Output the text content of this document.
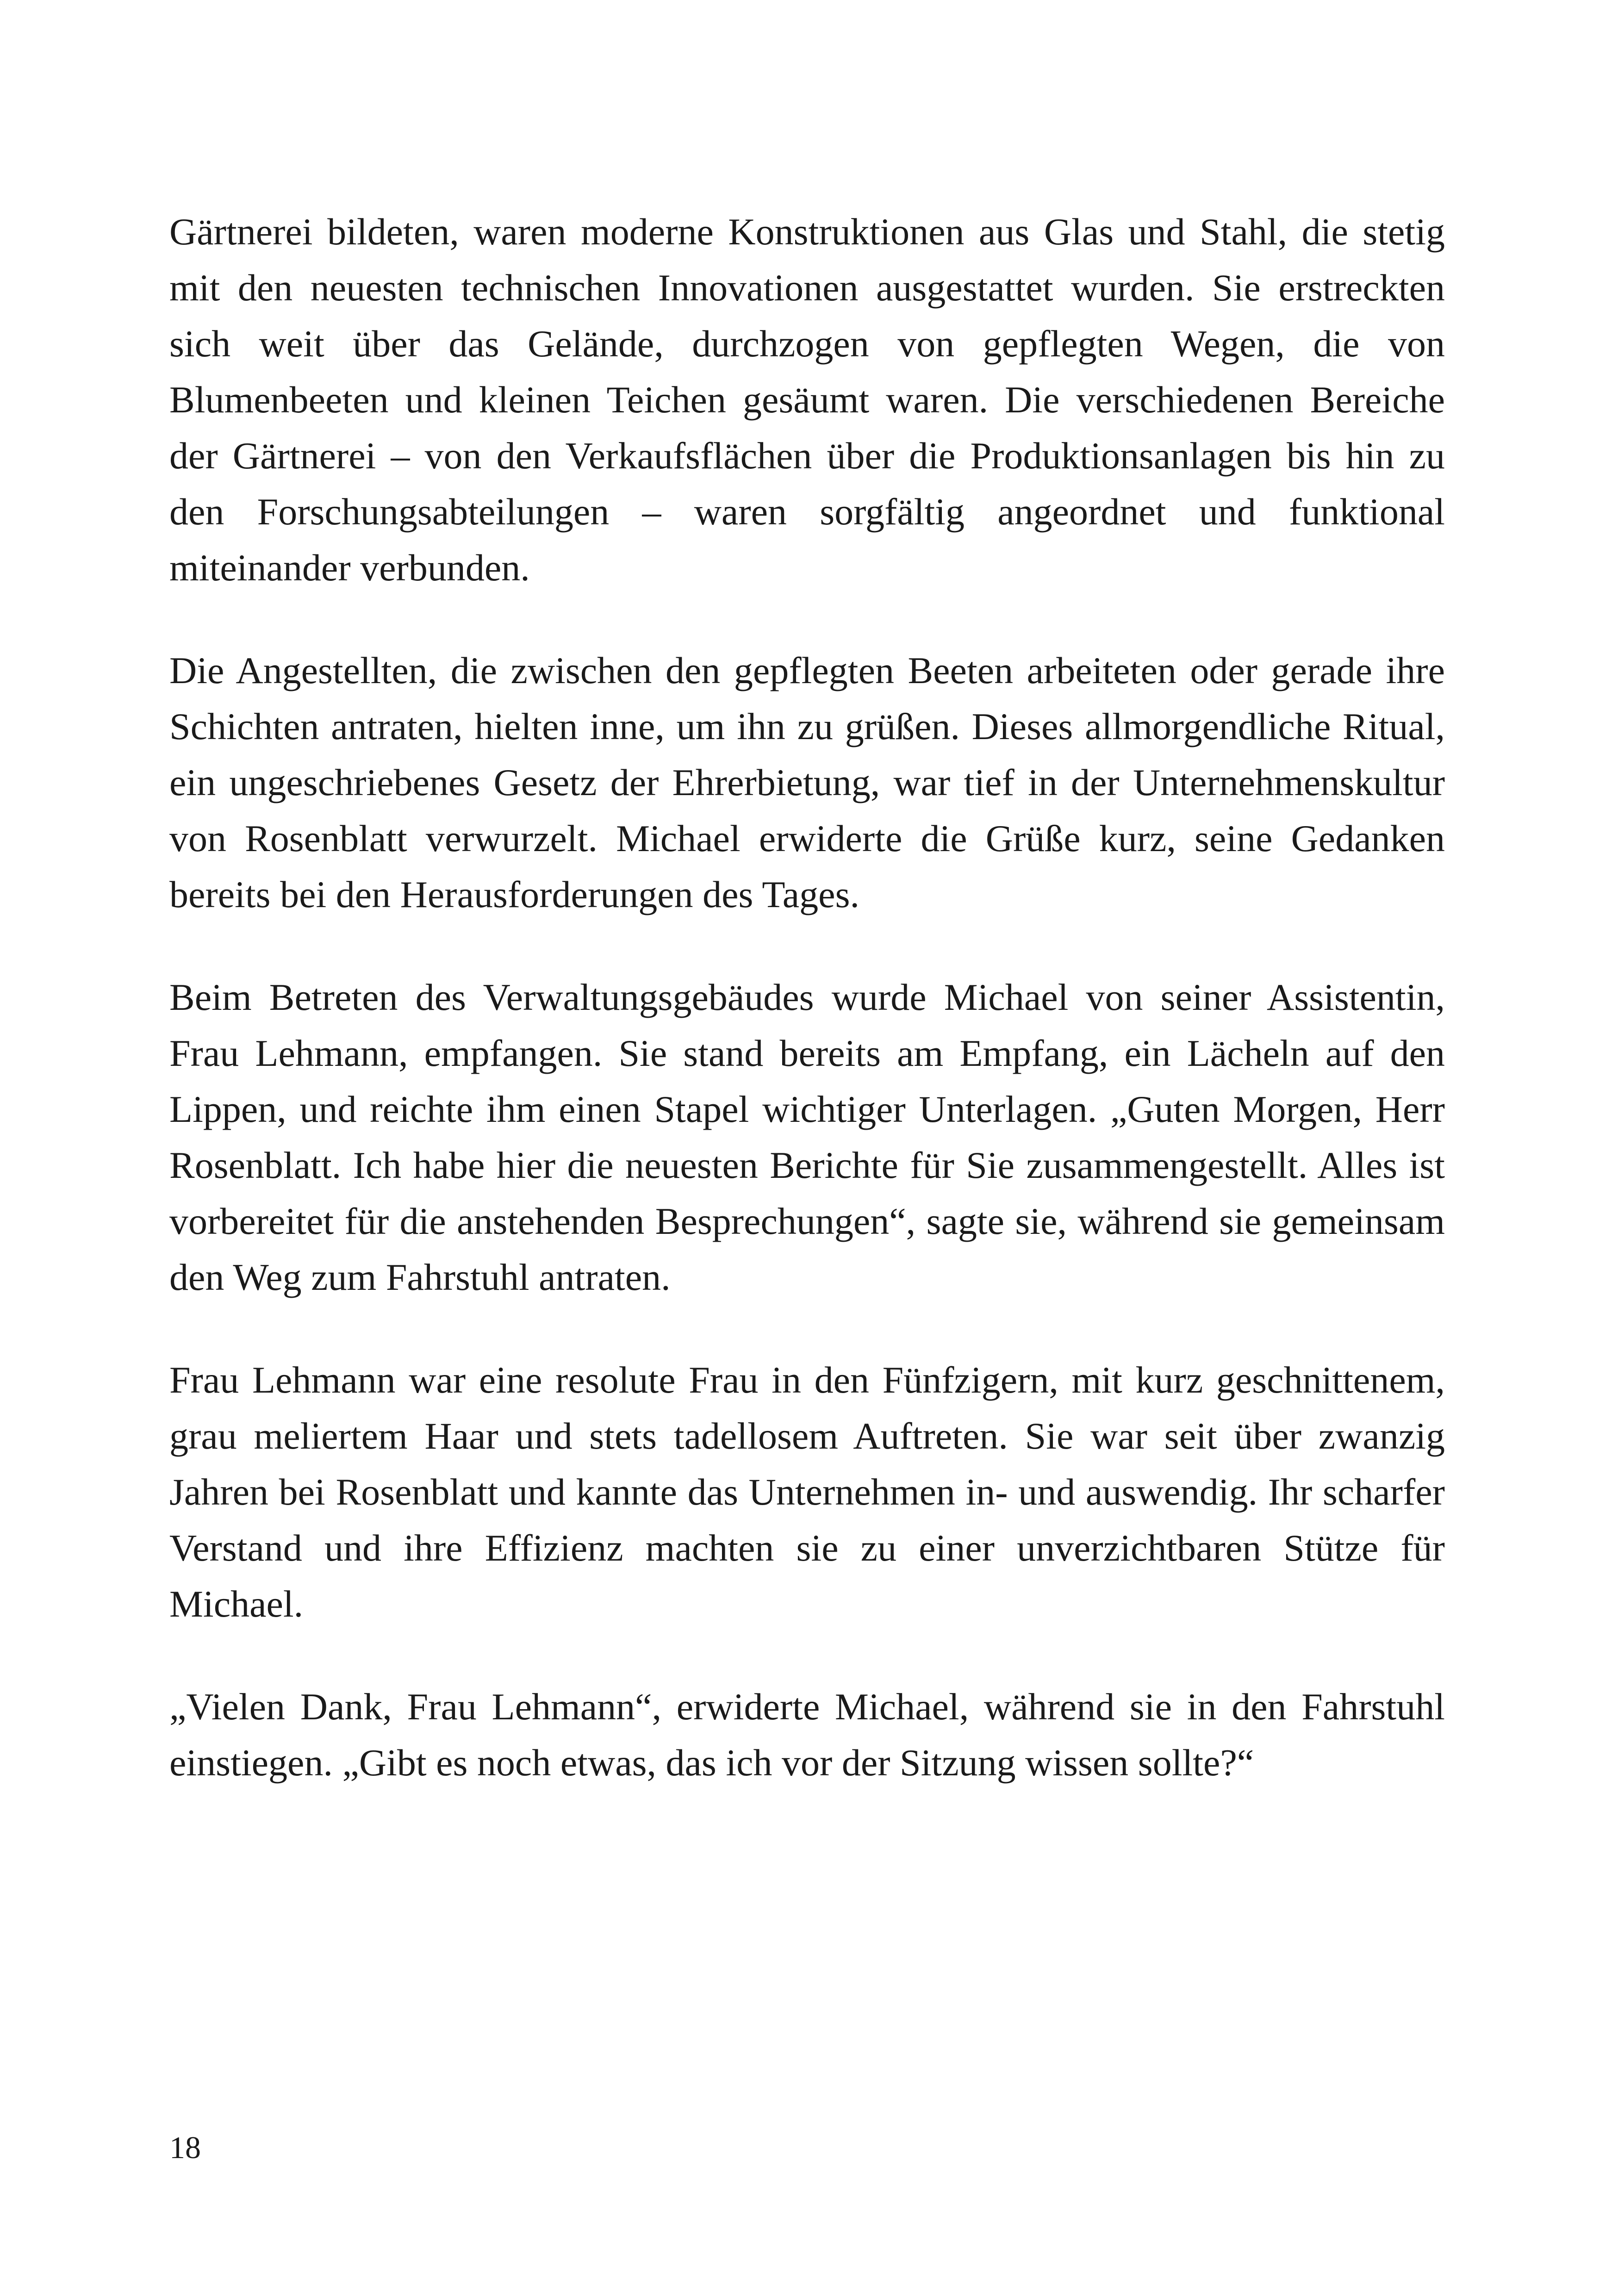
Gärtnerei bildeten, waren moderne Konstruktionen aus Glas und Stahl, die stetig mit den neuesten technischen Innovationen ausgestattet wurden. Sie erstreckten sich weit über das Gelände, durchzogen von gepflegten Wegen, die von Blumenbeeten und kleinen Teichen gesäumt waren. Die verschiedenen Bereiche der Gärtnerei – von den Verkaufsflächen über die Produktionsanlagen bis hin zu den Forschungsabteilungen – waren sorgfältig angeordnet und funktional miteinander verbunden.

Die Angestellten, die zwischen den gepflegten Beeten arbeiteten oder gerade ihre Schichten antraten, hielten inne, um ihn zu grüßen. Dieses allmorgendliche Ritual, ein ungeschriebenes Gesetz der Ehrerbietung, war tief in der Unternehmenskultur von Rosenblatt verwurzelt. Michael erwiderte die Grüße kurz, seine Gedanken bereits bei den Herausforderungen des Tages.

Beim Betreten des Verwaltungsgebäudes wurde Michael von seiner Assistentin, Frau Lehmann, empfangen. Sie stand bereits am Empfang, ein Lächeln auf den Lippen, und reichte ihm einen Stapel wichtiger Unterlagen. „Guten Morgen, Herr Rosenblatt. Ich habe hier die neuesten Berichte für Sie zusammengestellt. Alles ist vorbereitet für die anstehenden Besprechungen“, sagte sie, während sie gemeinsam den Weg zum Fahrstuhl antraten.

Frau Lehmann war eine resolute Frau in den Fünfzigern, mit kurz geschnittenem, grau meliertem Haar und stets tadellosem Auftreten. Sie war seit über zwanzig Jahren bei Rosenblatt und kannte das Unternehmen in- und auswendig. Ihr scharfer Verstand und ihre Effizienz machten sie zu einer unverzichtbaren Stütze für Michael.

„Vielen Dank, Frau Lehmann“, erwiderte Michael, während sie in den Fahrstuhl einstiegen. „Gibt es noch etwas, das ich vor der Sitzung wissen sollte?“

18
